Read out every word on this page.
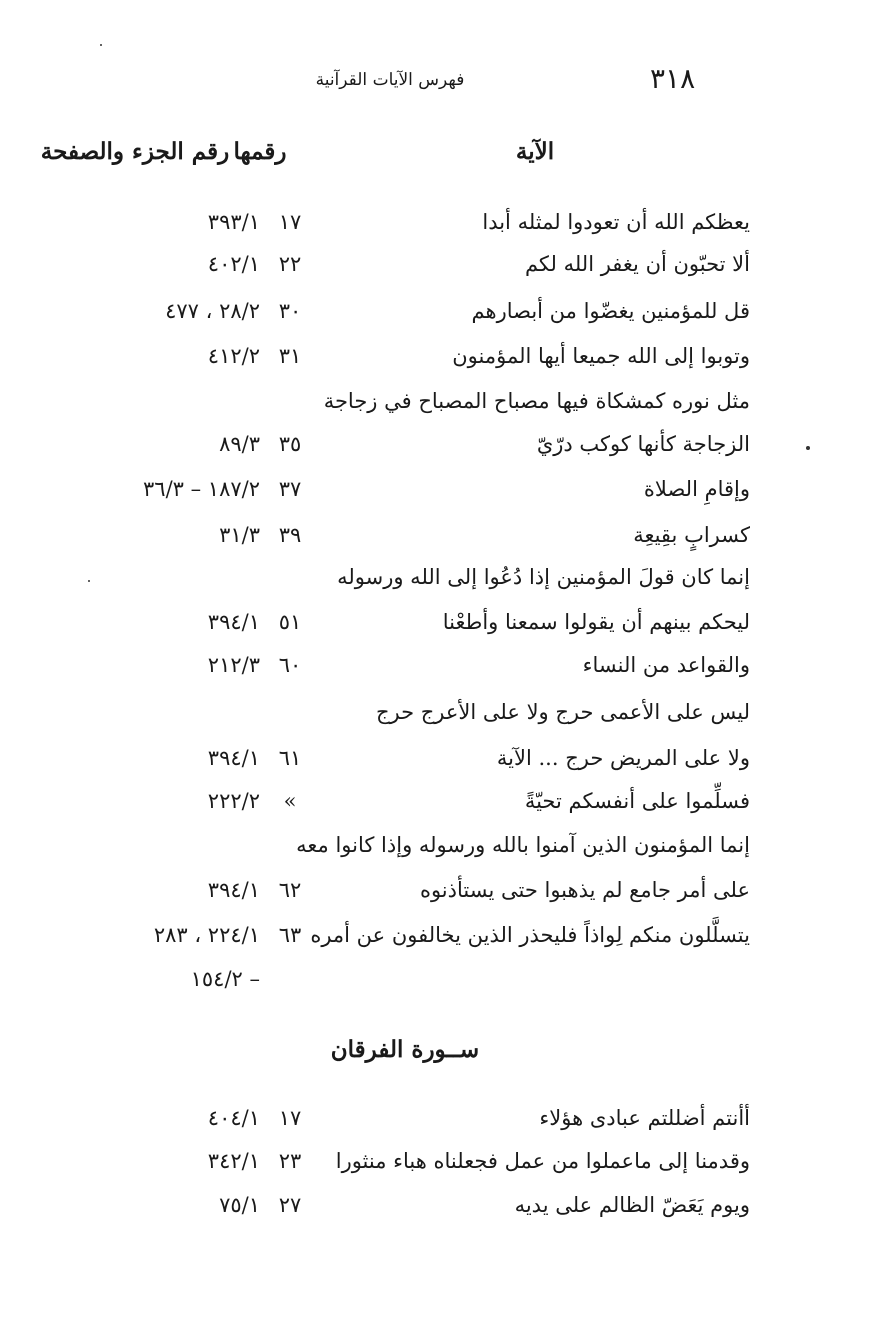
٣١٨
فهرس الآيات القرآنية
الآية
رقمها
رقم الجزء والصفحة
يعظكم الله أن تعودوا لمثله أبدا
١٧
٣٩٣/١
ألا تحبّون أن يغفر الله لكم
٢٢
٤٠٢/١
قل للمؤمنين يغضّوا من أبصارهم
٣٠
٢٨/٢ ، ٤٧٧
وتوبوا إلى الله جميعا أيها المؤمنون
٣١
٤١٢/٢
مثل نوره كمشكاة فيها مصباح المصباح في زجاجة
الزجاجة كأنها كوكب درّيّ
٣٥
٨٩/٣
وإقامِ الصلاة
٣٧
١٨٧/٢ – ٣٦/٣
كسرابٍ بقِيعِة
٣٩
٣١/٣
إنما كان قولَ المؤمنين إذا دُعُوا إلى الله ورسوله
ليحكم بينهم أن يقولوا سمعنا وأطعْنا
٥١
٣٩٤/١
والقواعد من النساء
٦٠
٢١٢/٣
ليس على الأعمى حرج ولا على الأعرج حرج
ولا على المريض حرج ... الآية
٦١
٣٩٤/١
فسلِّموا على أنفسكم تحيّةً
»
٢٢٢/٢
إنما المؤمنون الذين آمنوا بالله ورسوله وإذا كانوا معه
على أمر جامع لم يذهبوا حتى يستأذنوه
٦٢
٣٩٤/١
يتسلَّلون منكم لِواذاً فليحذر الذين يخالفون عن أمره
٦٣
٢٢٤/١ ، ٢٨٣
– ١٥٤/٢
ســورة الفرقان
أأنتم أضللتم عبادى هؤلاء
١٧
٤٠٤/١
وقدمنا إلى ماعملوا من عمل فجعلناه هباء منثورا
٢٣
٣٤٢/١
ويوم يَعَضّ الظالم على يديه
٢٧
٧٥/١
